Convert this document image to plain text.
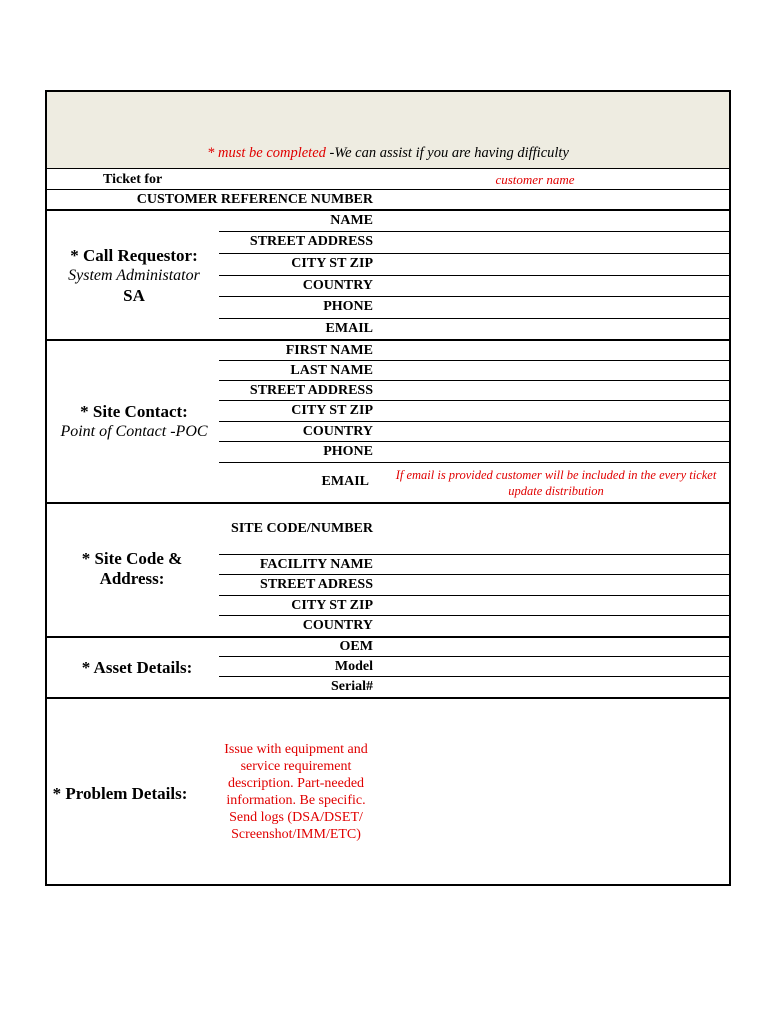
* must be completed -We can assist if you are having difficulty
Ticket for	customer name
CUSTOMER REFERENCE NUMBER
* Call Requestor:
System Administator
SA
NAME
STREET ADDRESS
CITY ST ZIP
COUNTRY
PHONE
EMAIL
* Site Contact:
Point of Contact -POC
FIRST NAME
LAST NAME
STREET ADDRESS
CITY ST ZIP
COUNTRY
PHONE
EMAIL	If email is provided customer will be included in the every ticket update distribution
* Site Code & Address:
SITE CODE/NUMBER
FACILITY NAME
STREET ADRESS
CITY ST ZIP
COUNTRY
* Asset Details:
OEM
Model
Serial#
* Problem Details:
Issue with equipment and service requirement description. Part-needed information. Be specific. Send logs (DSA/DSET/ Screenshot/IMM/ETC)
